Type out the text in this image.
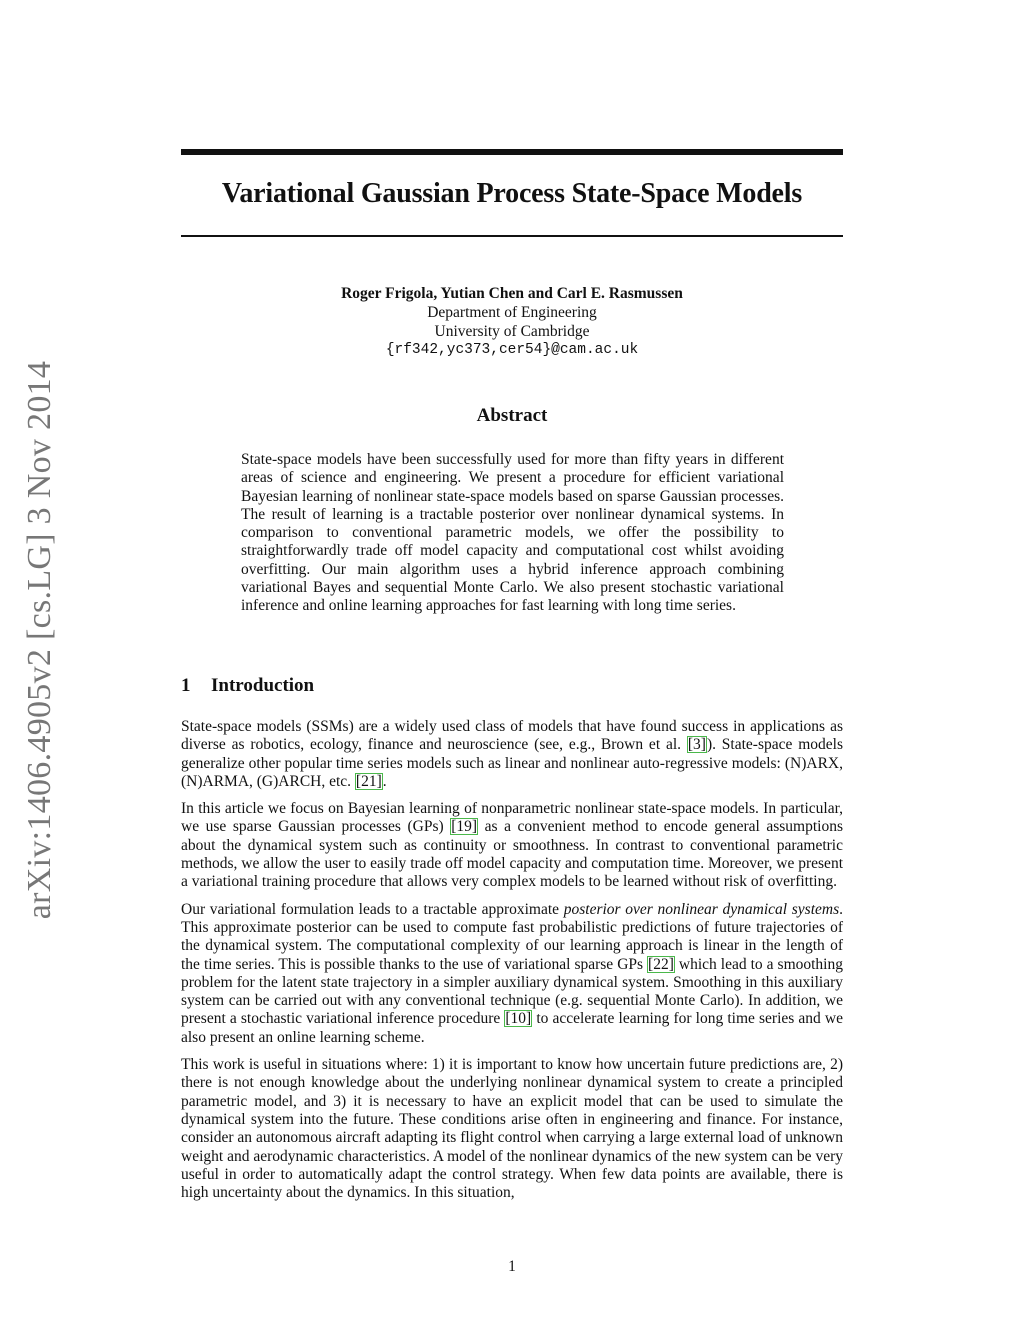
arXiv:1406.4905v2 [cs.LG] 3 Nov 2014
Variational Gaussian Process State-Space Models
Roger Frigola, Yutian Chen and Carl E. Rasmussen
Department of Engineering
University of Cambridge
{rf342,yc373,cer54}@cam.ac.uk
Abstract
State-space models have been successfully used for more than fifty years in different areas of science and engineering. We present a procedure for efficient variational Bayesian learning of nonlinear state-space models based on sparse Gaussian processes. The result of learning is a tractable posterior over nonlinear dynamical systems. In comparison to conventional parametric models, we offer the possibility to straightforwardly trade off model capacity and computational cost whilst avoiding overfitting. Our main algorithm uses a hybrid inference approach combining variational Bayes and sequential Monte Carlo. We also present stochastic variational inference and online learning approaches for fast learning with long time series.
1 Introduction

State-space models (SSMs) are a widely used class of models that have found success in applications as diverse as robotics, ecology, finance and neuroscience (see, e.g., Brown et al. [3]). State-space models generalize other popular time series models such as linear and nonlinear auto-regressive models: (N)ARX, (N)ARMA, (G)ARCH, etc. [21].

In this article we focus on Bayesian learning of nonparametric nonlinear state-space models. In particular, we use sparse Gaussian processes (GPs) [19] as a convenient method to encode general assumptions about the dynamical system such as continuity or smoothness. In contrast to conventional parametric methods, we allow the user to easily trade off model capacity and computation time. Moreover, we present a variational training procedure that allows very complex models to be learned without risk of overfitting.

Our variational formulation leads to a tractable approximate posterior over nonlinear dynamical systems. This approximate posterior can be used to compute fast probabilistic predictions of future trajectories of the dynamical system. The computational complexity of our learning approach is linear in the length of the time series. This is possible thanks to the use of variational sparse GPs [22] which lead to a smoothing problem for the latent state trajectory in a simpler auxiliary dynamical system. Smoothing in this auxiliary system can be carried out with any conventional technique (e.g. sequential Monte Carlo). In addition, we present a stochastic variational inference procedure [10] to accelerate learning for long time series and we also present an online learning scheme.

This work is useful in situations where: 1) it is important to know how uncertain future predictions are, 2) there is not enough knowledge about the underlying nonlinear dynamical system to create a principled parametric model, and 3) it is necessary to have an explicit model that can be used to simulate the dynamical system into the future. These conditions arise often in engineering and finance. For instance, consider an autonomous aircraft adapting its flight control when carrying a large external load of unknown weight and aerodynamic characteristics. A model of the nonlinear dynamics of the new system can be very useful in order to automatically adapt the control strategy. When few data points are available, there is high uncertainty about the dynamics. In this situation,

1
